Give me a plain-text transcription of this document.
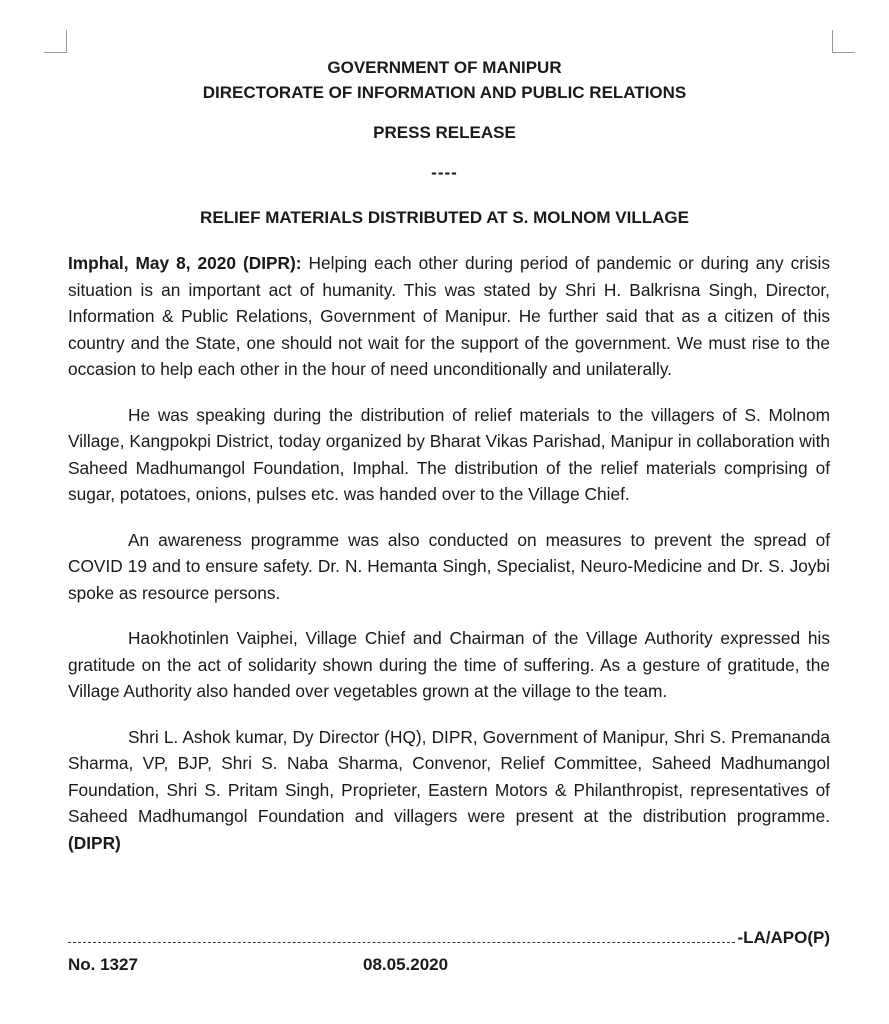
GOVERNMENT OF MANIPUR
DIRECTORATE OF INFORMATION AND PUBLIC RELATIONS
PRESS RELEASE
----
RELIEF MATERIALS DISTRIBUTED AT S. MOLNOM VILLAGE

Imphal, May 8, 2020 (DIPR): Helping each other during period of pandemic or during any crisis situation is an important act of humanity. This was stated by Shri H. Balkrisna Singh, Director, Information & Public Relations, Government of Manipur. He further said that as a citizen of this country and the State, one should not wait for the support of the government. We must rise to the occasion to help each other in the hour of need unconditionally and unilaterally.

He was speaking during the distribution of relief materials to the villagers of S. Molnom Village, Kangpokpi District, today organized by Bharat Vikas Parishad, Manipur in collaboration with Saheed Madhumangol Foundation, Imphal. The distribution of the relief materials comprising of sugar, potatoes, onions, pulses etc. was handed over to the Village Chief.

An awareness programme was also conducted on measures to prevent the spread of COVID 19 and to ensure safety. Dr. N. Hemanta Singh, Specialist, Neuro-Medicine and Dr. S. Joybi spoke as resource persons.

Haokhotinlen Vaiphei, Village Chief and Chairman of the Village Authority expressed his gratitude on the act of solidarity shown during the time of suffering. As a gesture of gratitude, the Village Authority also handed over vegetables grown at the village to the team.

Shri L. Ashok kumar, Dy Director (HQ), DIPR, Government of Manipur, Shri S. Premananda Sharma, VP, BJP, Shri S. Naba Sharma, Convenor, Relief Committee, Saheed Madhumangol Foundation, Shri S. Pritam Singh, Proprieter, Eastern Motors & Philanthropist, representatives of Saheed Madhumangol Foundation and villagers were present at the distribution programme. (DIPR)

-LA/APO(P)
No. 1327	08.05.2020
